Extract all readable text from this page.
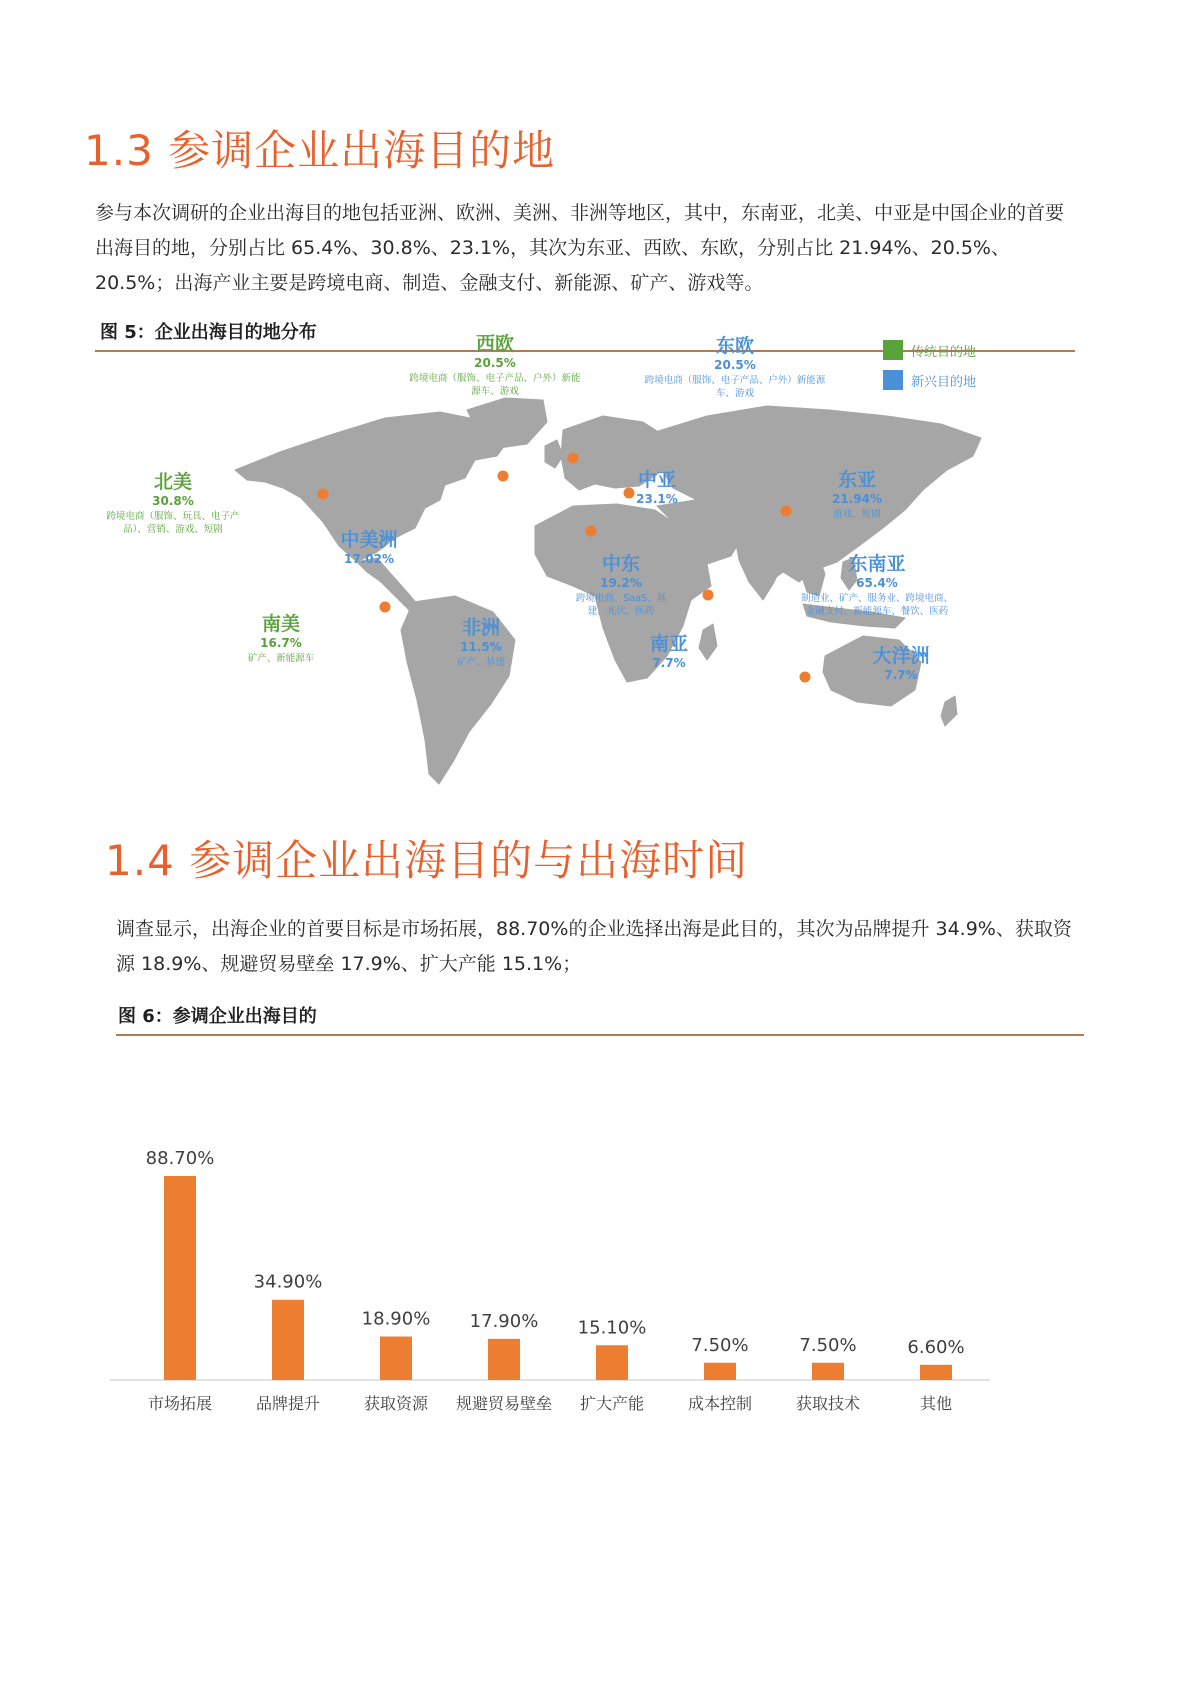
1.3 参调企业出海目的地

参与本次调研的企业出海目的地包括亚洲、欧洲、美洲、非洲等地区，其中，东南亚，北美、中亚是中国企业的首要出海目的地，分别占比 65.4%、30.8%、23.1%，其次为东亚、西欧、东欧，分别占比 21.94%、20.5%、20.5%；出海产业主要是跨境电商、制造、金融支付、新能源、矿产、游戏等。

图 5：企业出海目的地分布

传统目的地
新兴目的地
西欧
20.5%
跨境电商（服饰、电子产品、户外）新能
源车、游戏
东欧
20.5%
跨境电商（服饰、电子产品、户外）新能源
车、游戏
北美
30.8%
跨境电商（服饰、玩具、电子产
品）、营销、游戏、短剧
中亚
23.1%
东亚
21.94%
游戏、短剧
中美洲
17.02%	中东
19.2%
跨境电商、SaaS、基
建、光伏、医药
东南亚
65.4%
制造业、矿产、服务业、跨境电商、
金融支付、新能源车、餐饮、医药
南美
16.7%
矿产、新能源车
非洲
11.5%
矿产、基建
南亚
7.7%	大洋洲
7.7%
1.4 参调企业出海目的与出海时间

调查显示，出海企业的首要目标是市场拓展，88.70%的企业选择出海是此目的，其次为品牌提升 34.9%、获取资源 18.9%、规避贸易壁垒 17.9%、扩大产能 15.1%；

图 6：参调企业出海目的

88.70%
市场拓展
34.90%
品牌提升
18.90%
获取资源
17.90%
规避贸易壁垒
15.10%
扩大产能
7.50%
成本控制
7.50%
获取技术
6.60%
其他
